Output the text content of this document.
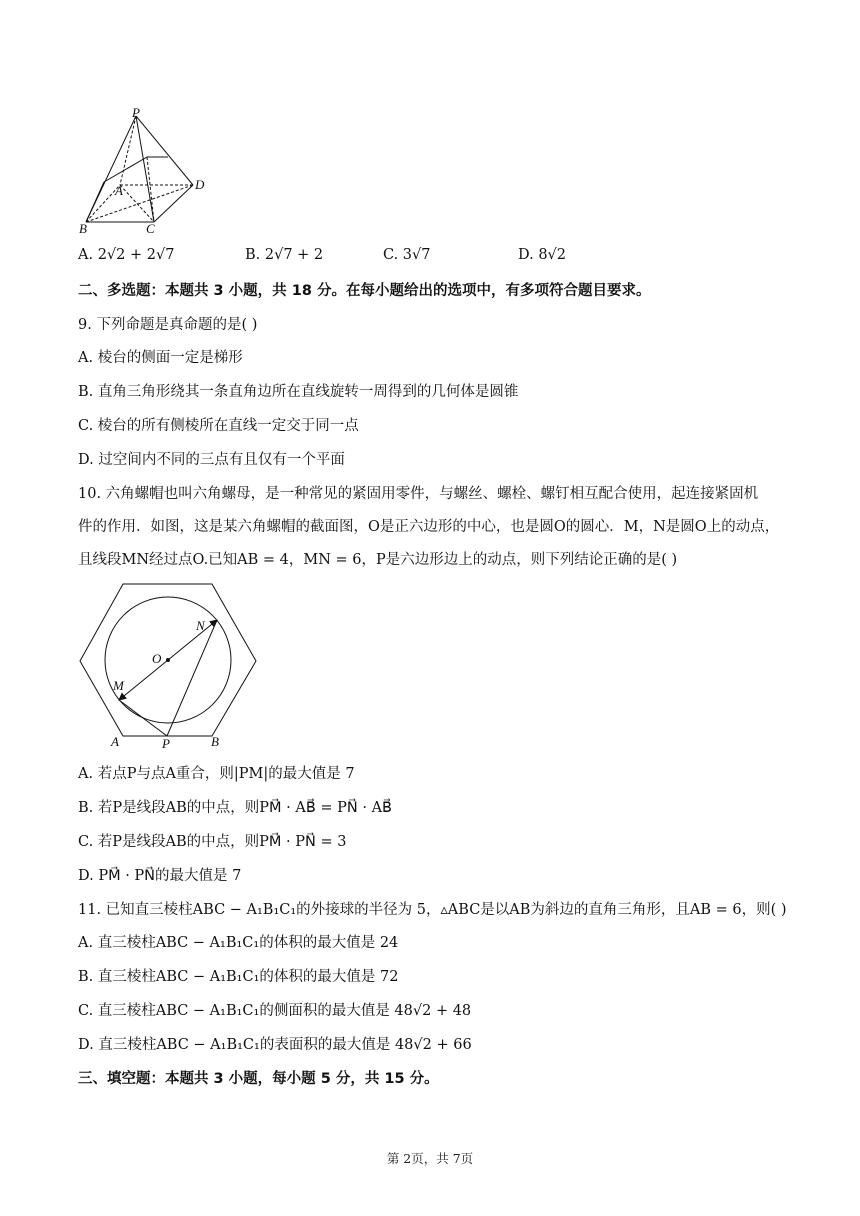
P
A	D
B	C
A. 2√2 + 2√7	B. 2√7 + 2	C. 3√7	D. 8√2
二、多选题：本题共 3 小题，共 18 分。在每小题给出的选项中，有多项符合题目要求。
9. 下列命题是真命题的是( )
A. 棱台的侧面一定是梯形
B. 直角三角形绕其一条直角边所在直线旋转一周得到的几何体是圆锥
C. 棱台的所有侧棱所在直线一定交于同一点
D. 过空间内不同的三点有且仅有一个平面
10. 六角螺帽也叫六角螺母，是一种常见的紧固用零件，与螺丝、螺栓、螺钉相互配合使用，起连接紧固机
件的作用．如图，这是某六角螺帽的截面图，O是正六边形的中心，也是圆O的圆心．M，N是圆O上的动点，
且线段MN经过点O.已知AB = 4，MN = 6，P是六边形边上的动点，则下列结论正确的是( )
N
O
M
A	P	B
A. 若点P与点A重合，则|PM|的最大值是 7
B. 若P是线段AB的中点，则PM⃗ · AB⃗ = PN⃗ · AB⃗
C. 若P是线段AB的中点，则PM⃗ · PN⃗ = 3
D. PM⃗ · PN⃗的最大值是 7
11. 已知直三棱柱ABC − A₁B₁C₁的外接球的半径为 5，▵ABC是以AB为斜边的直角三角形，且AB = 6，则( )
A. 直三棱柱ABC − A₁B₁C₁的体积的最大值是 24
B. 直三棱柱ABC − A₁B₁C₁的体积的最大值是 72
C. 直三棱柱ABC − A₁B₁C₁的侧面积的最大值是 48√2 + 48
D. 直三棱柱ABC − A₁B₁C₁的表面积的最大值是 48√2 + 66
三、填空题：本题共 3 小题，每小题 5 分，共 15 分。
第 2页，共 7页
